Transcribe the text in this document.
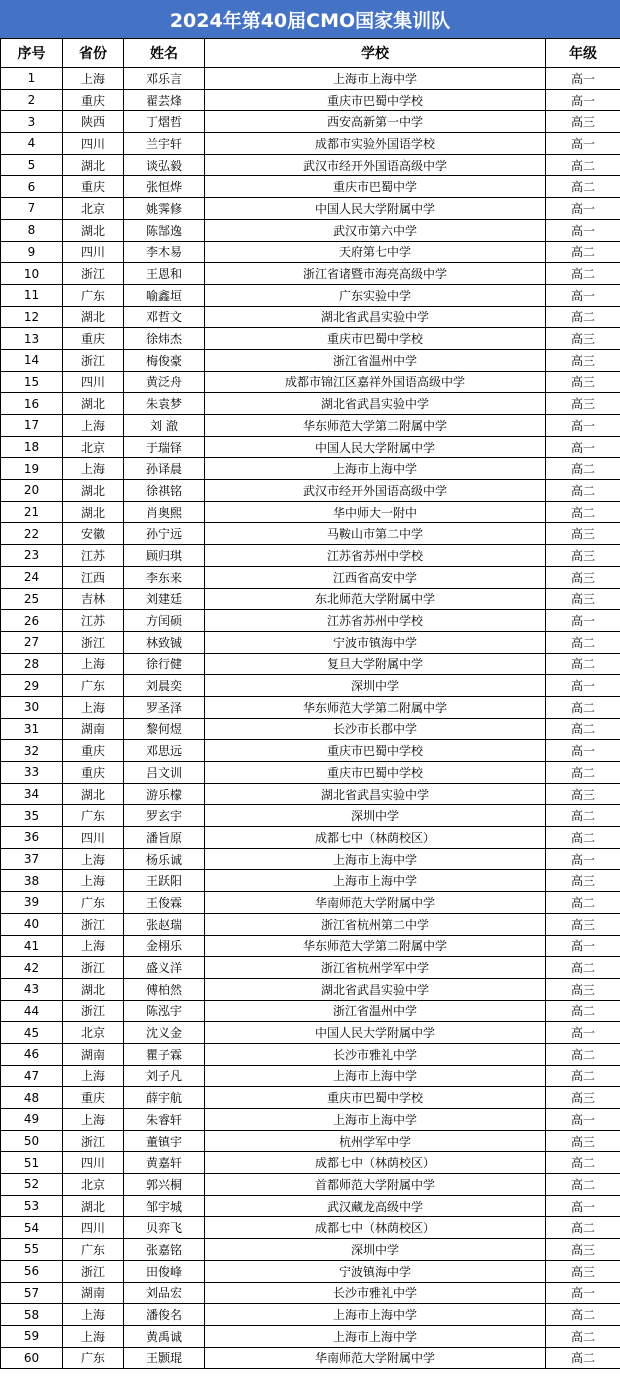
2024年第40届CMO国家集训队
序号	省份	姓名	学校	年级
1	上海	邓乐言	上海市上海中学	高一
2	重庆	翟芸烽	重庆市巴蜀中学校	高一
3	陕西	丁熠哲	西安高新第一中学	高三
4	四川	兰宇轩	成都市实验外国语学校	高一
5	湖北	谈弘毅	武汉市经开外国语高级中学	高二
6	重庆	张恒烨	重庆市巴蜀中学	高二
7	北京	姚霁修	中国人民大学附属中学	高一
8	湖北	陈郜逸	武汉市第六中学	高一
9	四川	李木易	天府第七中学	高二
10	浙江	王恩和	浙江省诸暨市海亮高级中学	高二
11	广东	喻鑫垣	广东实验中学	高一
12	湖北	邓哲文	湖北省武昌实验中学	高二
13	重庆	徐炜杰	重庆市巴蜀中学校	高三
14	浙江	梅俊豪	浙江省温州中学	高三
15	四川	黄泛舟	成都市锦江区嘉祥外国语高级中学	高三
16	湖北	朱袁梦	湖北省武昌实验中学	高三
17	上海	刘 澈	华东师范大学第二附属中学	高一
18	北京	于瑞铎	中国人民大学附属中学	高一
19	上海	孙译晨	上海市上海中学	高二
20	湖北	徐祺铭	武汉市经开外国语高级中学	高二
21	湖北	肖奥熙	华中师大一附中	高二
22	安徽	孙宁远	马鞍山市第二中学	高三
23	江苏	顾归琪	江苏省苏州中学校	高三
24	江西	李东来	江西省高安中学	高三
25	吉林	刘建廷	东北师范大学附属中学	高三
26	江苏	方闰硕	江苏省苏州中学校	高一
27	浙江	林致铖	宁波市镇海中学	高二
28	上海	徐行健	复旦大学附属中学	高二
29	广东	刘晨奕	深圳中学	高一
30	上海	罗圣泽	华东师范大学第二附属中学	高二
31	湖南	黎何煜	长沙市长郡中学	高二
32	重庆	邓思远	重庆市巴蜀中学校	高一
33	重庆	吕文训	重庆市巴蜀中学校	高二
34	湖北	游乐檬	湖北省武昌实验中学	高三
35	广东	罗玄宇	深圳中学	高二
36	四川	潘旨原	成都七中（林荫校区）	高二
37	上海	杨乐诚	上海市上海中学	高一
38	上海	王跃阳	上海市上海中学	高三
39	广东	王俊霖	华南师范大学附属中学	高二
40	浙江	张赵瑞	浙江省杭州第二中学	高三
41	上海	金栩乐	华东师范大学第二附属中学	高一
42	浙江	盛义洋	浙江省杭州学军中学	高二
43	湖北	傅柏然	湖北省武昌实验中学	高三
44	浙江	陈泓宇	浙江省温州中学	高二
45	北京	沈义金	中国人民大学附属中学	高一
46	湖南	瞿子霖	长沙市雅礼中学	高二
47	上海	刘子凡	上海市上海中学	高二
48	重庆	薛宇航	重庆市巴蜀中学校	高三
49	上海	朱睿轩	上海市上海中学	高一
50	浙江	董镇宇	杭州学军中学	高三
51	四川	黄嘉轩	成都七中（林荫校区）	高二
52	北京	郭兴桐	首都师范大学附属中学	高二
53	湖北	邹宇城	武汉藏龙高级中学	高一
54	四川	贝弈飞	成都七中（林荫校区）	高二
55	广东	张嘉铭	深圳中学	高三
56	浙江	田俊峰	宁波镇海中学	高三
57	湖南	刘品宏	长沙市雅礼中学	高一
58	上海	潘俊名	上海市上海中学	高二
59	上海	黄禹诚	上海市上海中学	高二
60	广东	王颢琨	华南师范大学附属中学	高二
